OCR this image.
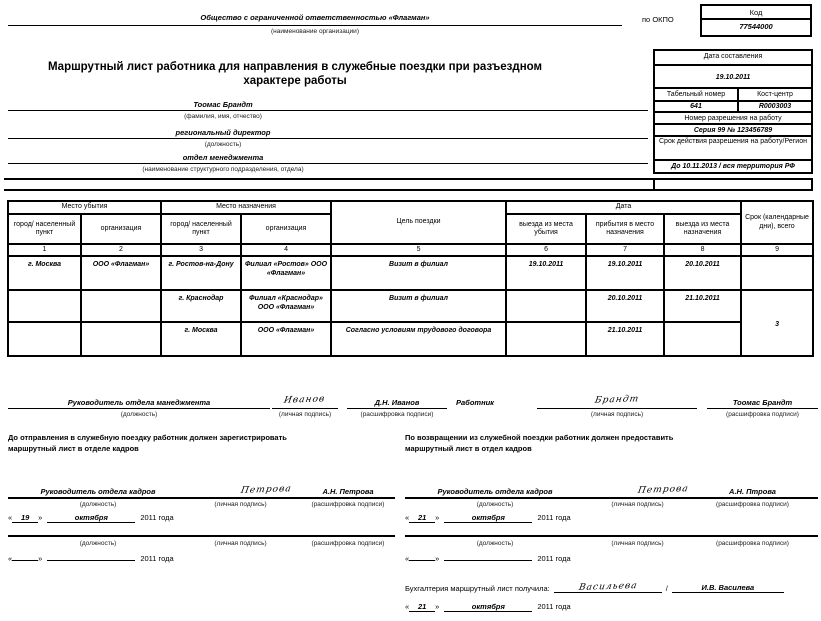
Общество с ограниченной ответственностью «Флагман»
(наименование организации)
по ОКПО
Код
77544000
Маршрутный лист работника для направления в служебные поездки при разъездном характере работы
Тоомас Брандт
(фамилия, имя, отчество)
региональный директор
(должность)
отдел менеджмента
(наименование структурного подразделения, отдела)
Дата составления
19.10.2011
Табельный номер	Кост-центр
641	R0003003
Номер разрешения на работу
Серия 99 № 123456789
Срок действия разрешения на работу/Регион
До 10.11.2013 / вся территория РФ
Место убытия		Место назначения		Цель поездки	Дата			Срок (календарные дни), всего
город/ населенный пункт	организация	город/ населенный пункт	организация		выезда из места убытия	прибытия в место назначения	выезда из места назначения	
1	2	3	4	5	6	7	8	9
г. Москва	ООО «Флагман»	г. Ростов-на-Дону	Филиал «Ростов» ООО «Флагман»	Визит в филиал	19.10.2011	19.10.2011	20.10.2011	
		г. Краснодар	Филиал «Краснодар» ООО «Флагман»	Визит в филиал		20.10.2011	21.10.2011	3
		г. Москва	ООО «Флагман»	Согласно условиям трудового договора		21.10.2011		
Руководитель отдела манеджмента
(должность)
Иванов
(личная подпись)
Д.Н. Иванов
(расшифровка подписи)
Работник	Брандт
(личная подпись)
Тоомас Брандт
(расшифровка подписи)
До отправления в служебную поездку работник должен зарегистрировать маршрутный лист в отделе кадров
По возвращении из служебной поездки работник должен предоставить маршрутный лист в отдел кадров
Руководитель отдела кадров	Петрова	А.Н. Петрова
(должность)	(личная подпись)	(расшифровка подписи)
« 19 »	октября	2011 года
Руководитель отдела кадров	Петрова	А.Н. Птрова
(должность)	(личная подпись)	(расшифровка подписи)
« 21 »	октября	2011 года
(должность)	(личная подпись)	(расшифровка подписи)
«	»	2011 года
(должность)	(личная подпись)	(расшифровка подписи)
«	»	2011 года
Бухгалтерия маршрутный лист получила:	Васильева	/	И.В. Василева
« 21 »	октября	2011 года
